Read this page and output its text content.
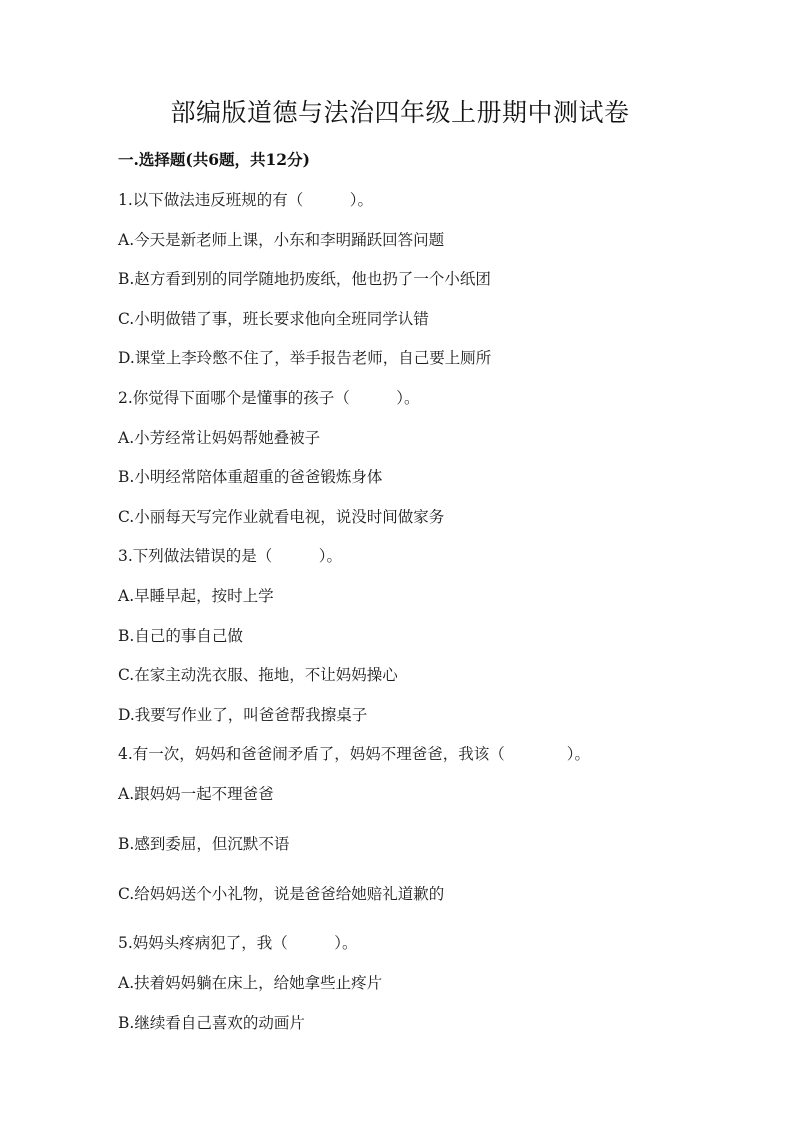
部编版道德与法治四年级上册期中测试卷
一.选择题(共6题，共12分)
1.以下做法违反班规的有（　　　）。
A.今天是新老师上课，小东和李明踊跃回答问题
B.赵方看到别的同学随地扔废纸，他也扔了一个小纸团
C.小明做错了事，班长要求他向全班同学认错
D.课堂上李玲憋不住了，举手报告老师，自己要上厕所
2.你觉得下面哪个是懂事的孩子（　　　）。
A.小芳经常让妈妈帮她叠被子
B.小明经常陪体重超重的爸爸锻炼身体
C.小丽每天写完作业就看电视，说没时间做家务
3.下列做法错误的是（　　　）。
A.早睡早起，按时上学
B.自己的事自己做
C.在家主动洗衣服、拖地，不让妈妈操心
D.我要写作业了，叫爸爸帮我擦桌子
4.有一次，妈妈和爸爸闹矛盾了，妈妈不理爸爸，我该（　　　　）。
A.跟妈妈一起不理爸爸
B.感到委屈，但沉默不语
C.给妈妈送个小礼物，说是爸爸给她赔礼道歉的
5.妈妈头疼病犯了，我（　　　）。
A.扶着妈妈躺在床上，给她拿些止疼片
B.继续看自己喜欢的动画片
